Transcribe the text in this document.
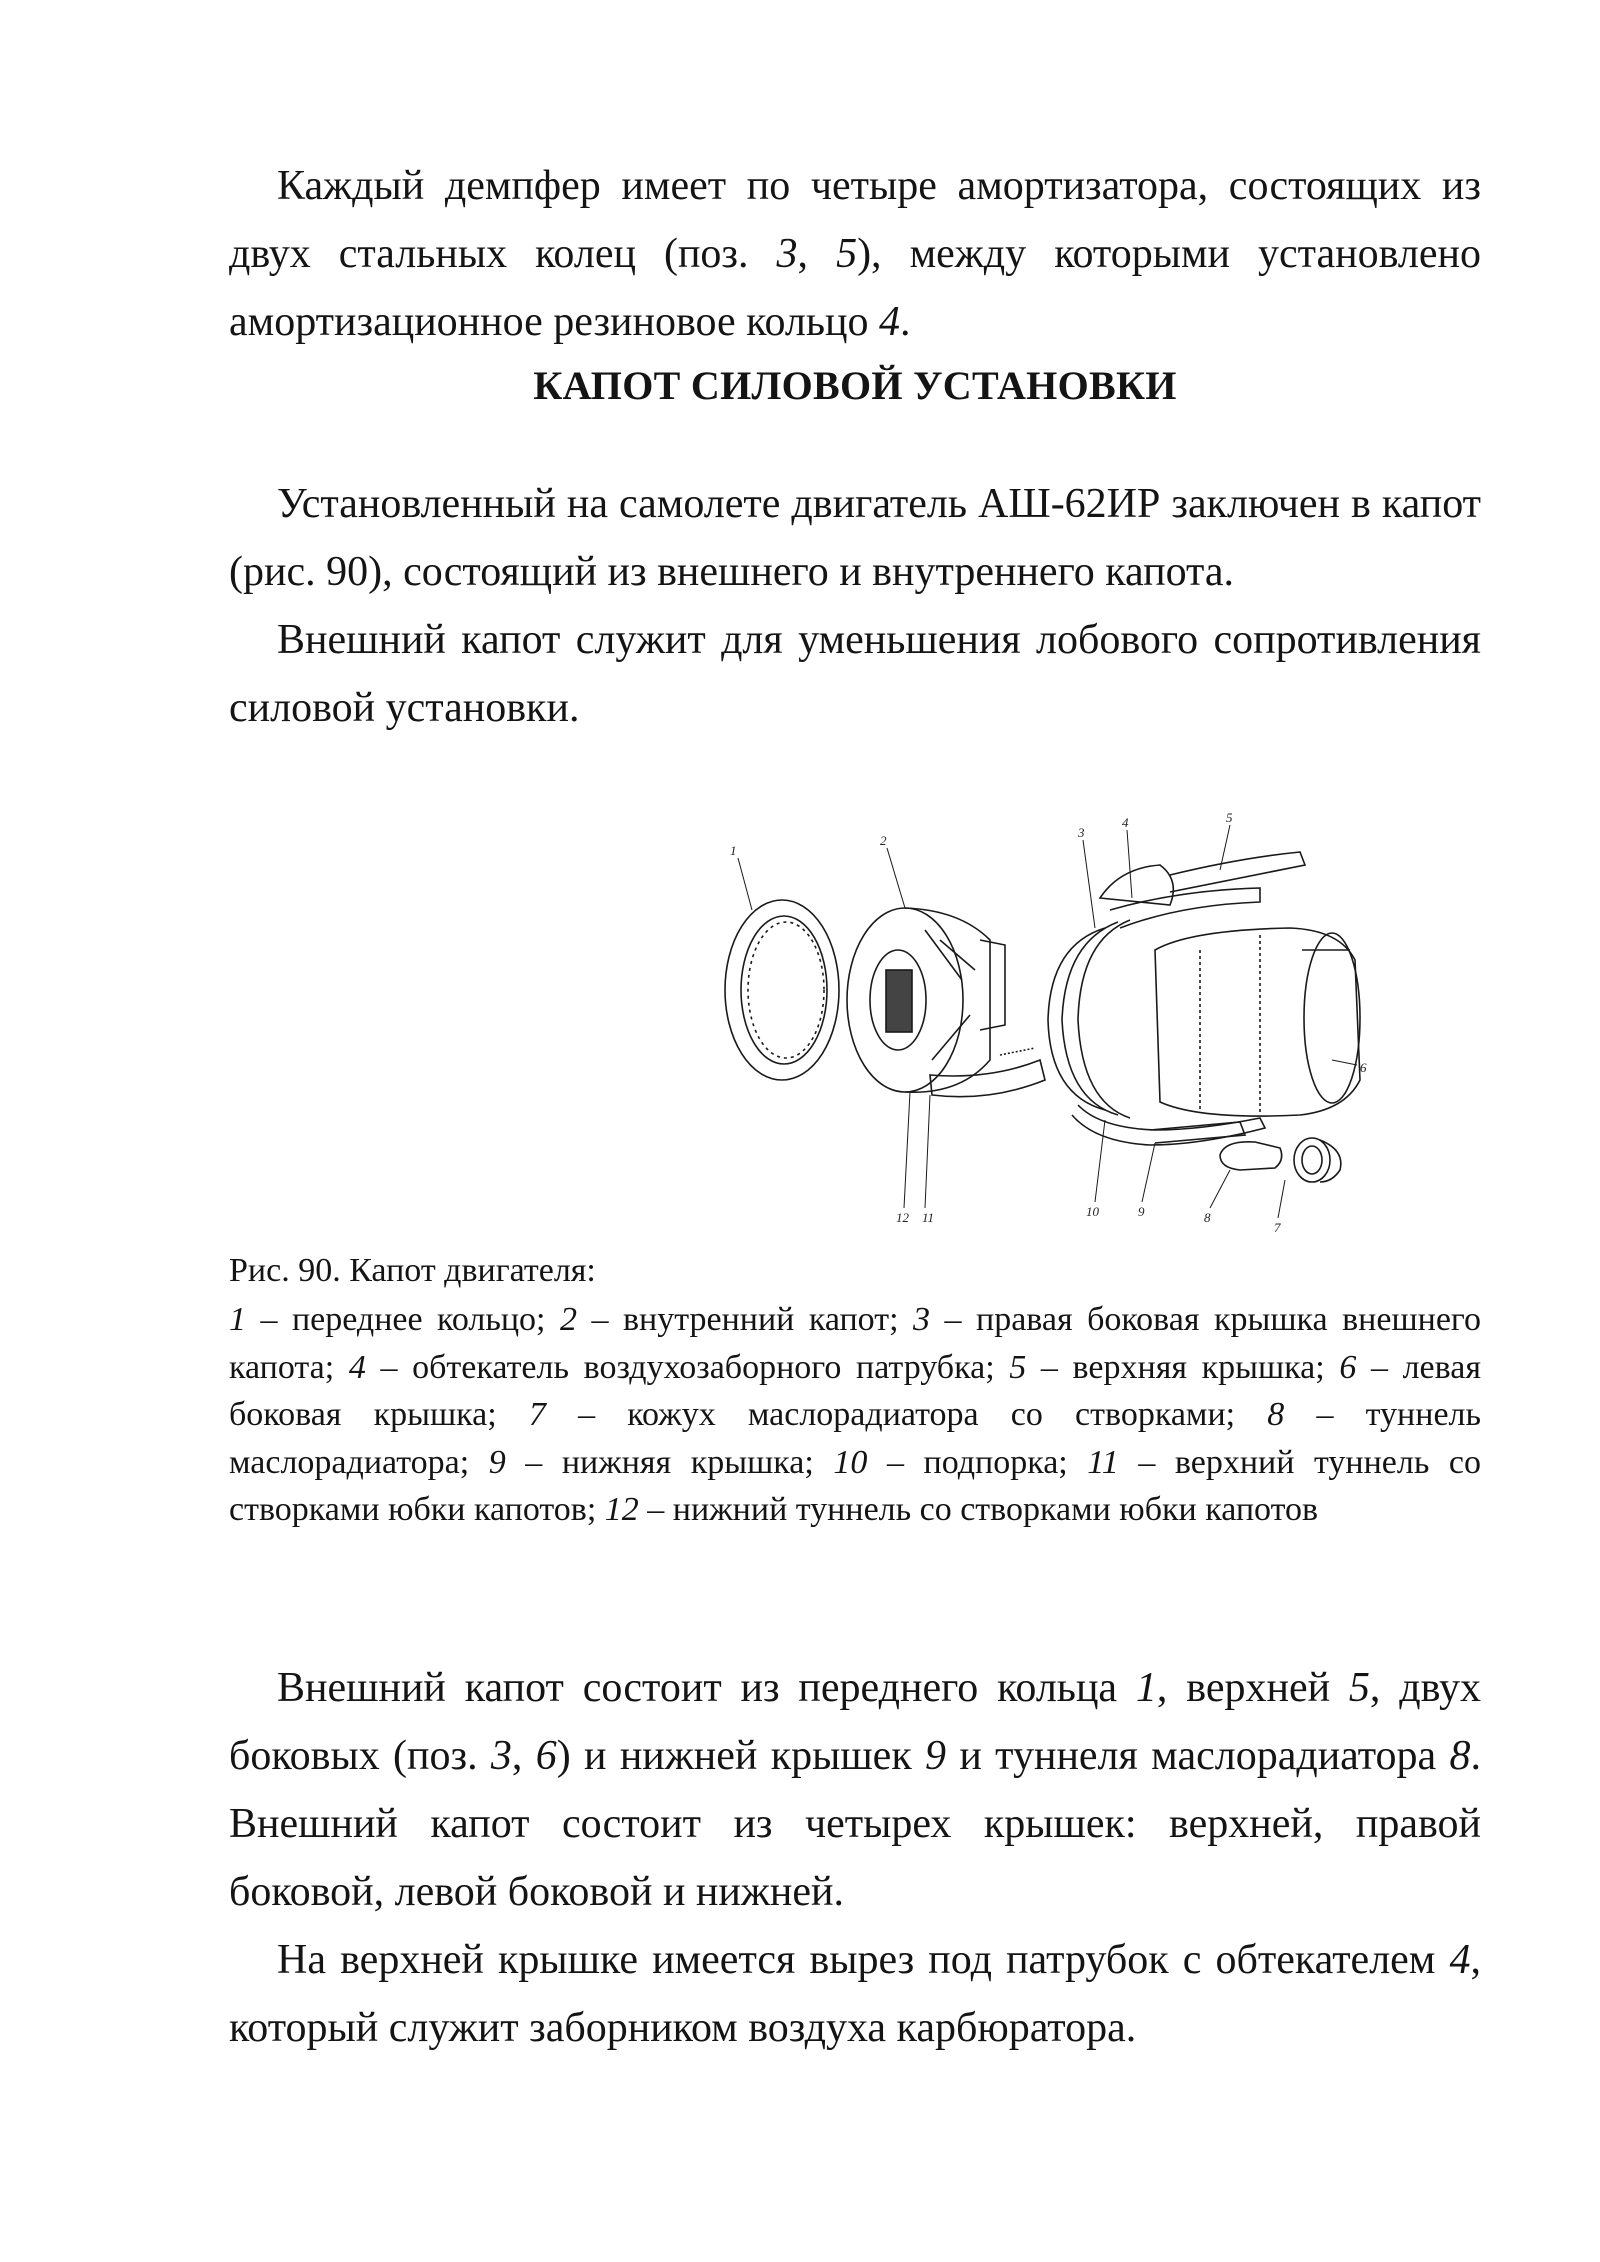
Каждый демпфер имеет по четыре амортизатора, состоящих из двух стальных колец (поз. 3, 5), между которыми установлено амортизационное резиновое кольцо 4.

КАПОТ СИЛОВОЙ УСТАНОВКИ

Установленный на самолете двигатель АШ-62ИР заключен в капот (рис. 90), состоящий из внешнего и внутреннего капота.

Внешний капот служит для уменьшения лобового сопротивления силовой установки.

1
2
3
4	5
6
7
8
9
10
11
12

Рис. 90. Капот двигателя:

1 – переднее кольцо; 2 – внутренний капот; 3 – правая боковая крышка внешнего капота; 4 – обтекатель воздухозаборного патрубка; 5 – верхняя крышка; 6 – левая боковая крышка; 7 – кожух маслорадиатора со створками; 8 – туннель маслорадиатора; 9 – нижняя крышка; 10 – подпорка; 11 – верхний туннель со створками юбки капотов; 12 – нижний туннель со створками юбки капотов

Внешний капот состоит из переднего кольца 1, верхней 5, двух боковых (поз. 3, 6) и нижней крышек 9 и туннеля маслорадиатора 8. Внешний капот состоит из четырех крышек: верхней, правой боковой, левой боковой и нижней.

На верхней крышке имеется вырез под патрубок с обтекателем 4, который служит заборником воздуха карбюратора.
